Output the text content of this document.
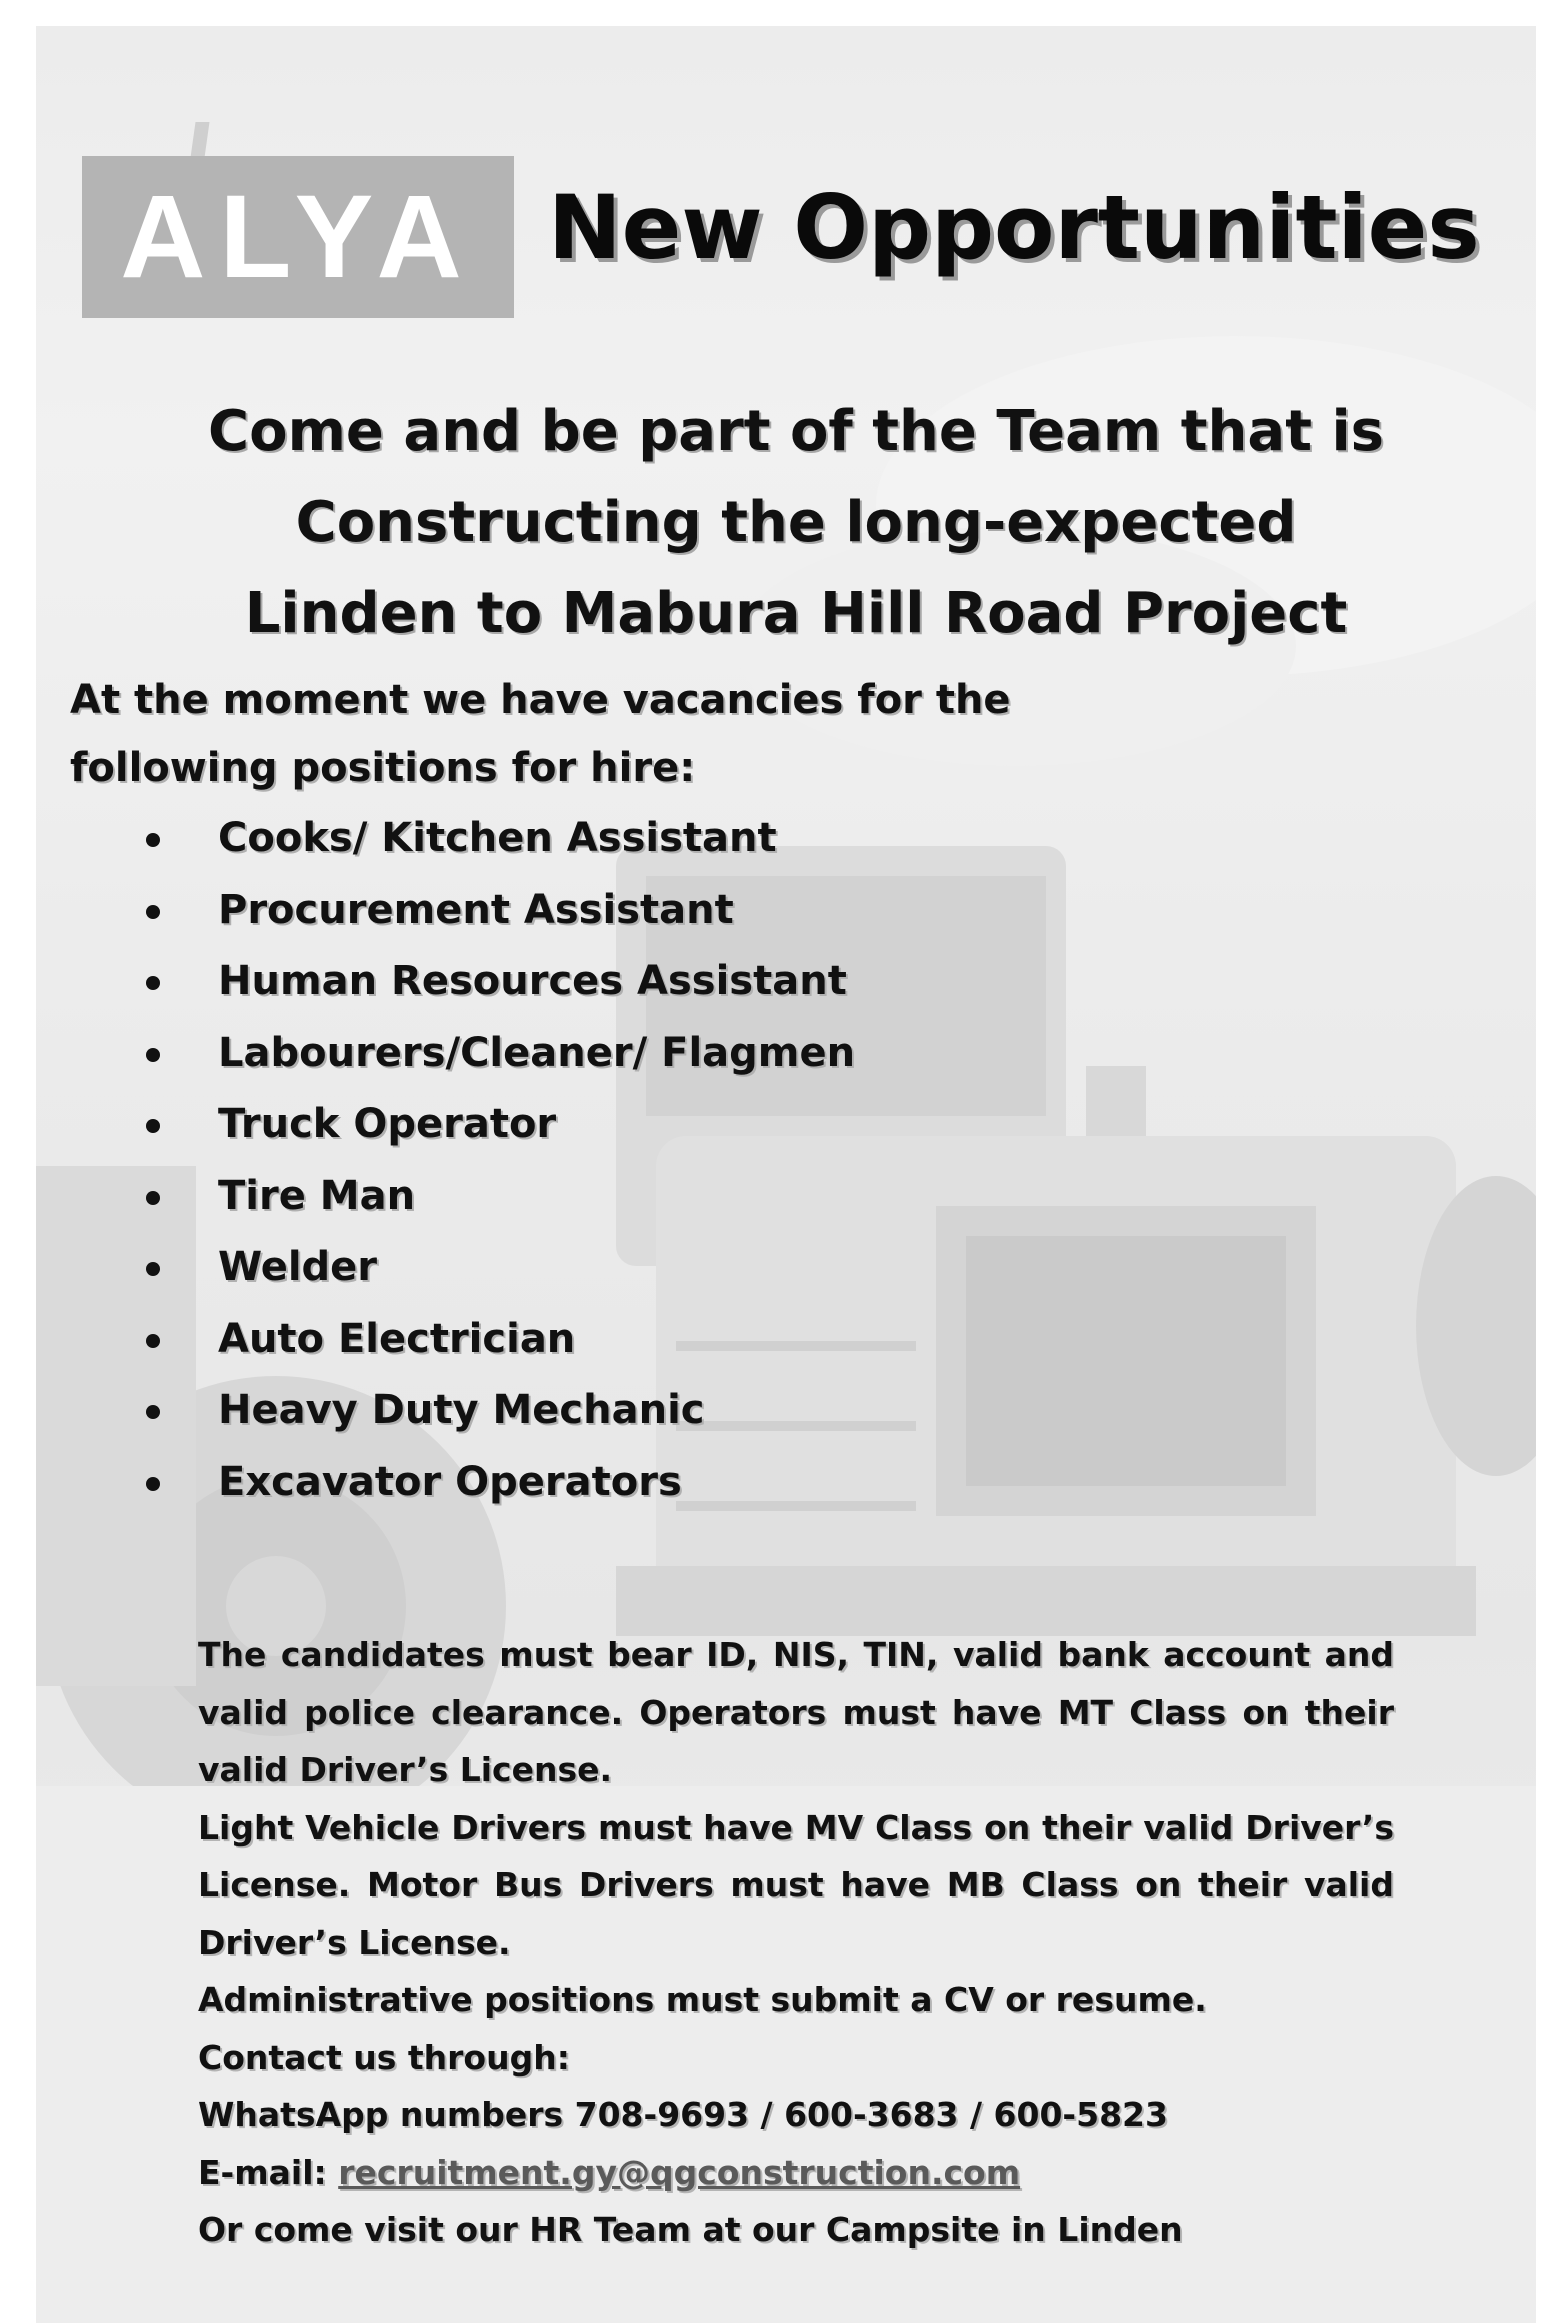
ALYA New Opportunities
Come and be part of the Team that is
Constructing the long-expected
Linden to Mabura Hill Road Project
At the moment we have vacancies for the
following positions for hire:
Cooks/ Kitchen Assistant
Procurement Assistant
Human Resources Assistant
Labourers/Cleaner/ Flagmen
Truck Operator
Tire Man
Welder
Auto Electrician
Heavy Duty Mechanic
Excavator Operators

The candidates must bear ID, NIS, TIN, valid bank account and valid police clearance. Operators must have MT Class on their valid Driver’s License.

Light Vehicle Drivers must have MV Class on their valid Driver’s License. Motor Bus Drivers must have MB Class on their valid Driver’s License.

Administrative positions must submit a CV or resume.

Contact us through:

WhatsApp numbers 708-9693 / 600-3683 / 600-5823

E-mail: recruitment.gy@qgconstruction.com

Or come visit our HR Team at our Campsite in Linden
